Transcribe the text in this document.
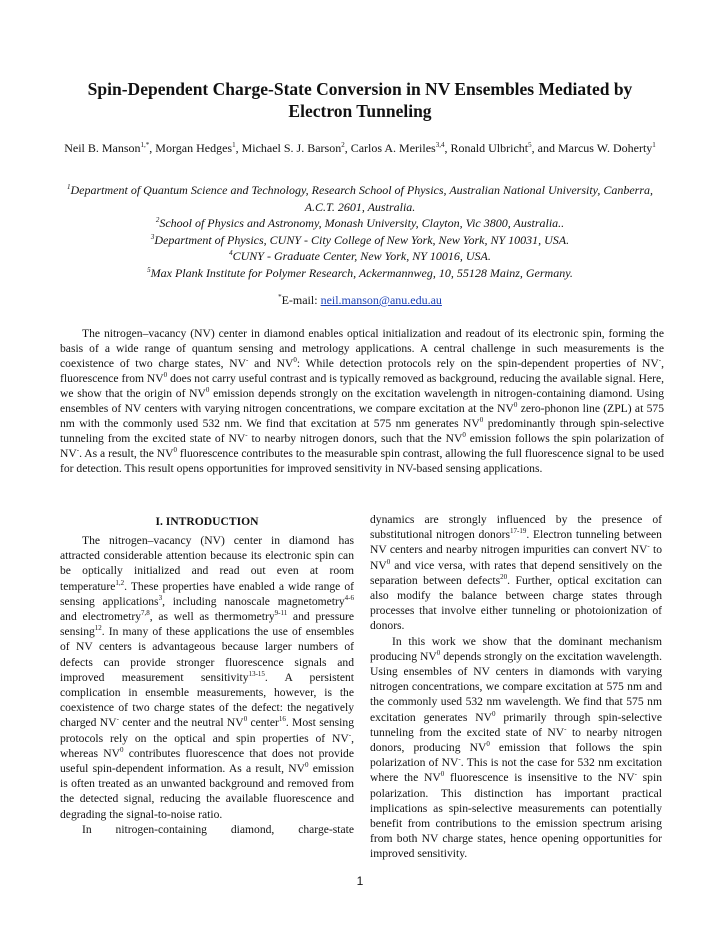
Spin-Dependent Charge-State Conversion in NV Ensembles Mediated by Electron Tunneling
Neil B. Manson$^{1,*}$, Morgan Hedges$^1$, Michael S. J. Barson$^2$, Carlos A. Meriles$^{3,4}$, Ronald Ulbricht$^5$, and Marcus W. Doherty$^1$
$^1$Department of Quantum Science and Technology, Research School of Physics, Australian National University, Canberra, A.C.T. 2601, Australia.
$^2$School of Physics and Astronomy, Monash University, Clayton, Vic 3800, Australia..
$^3$Department of Physics, CUNY - City College of New York, New York, NY 10031, USA.
$^4$CUNY - Graduate Center, New York, NY 10016, USA.
$^5$Max Plank Institute for Polymer Research, Ackermannweg, 10, 55128 Mainz, Germany.
*E-mail: neil.manson@anu.edu.au

The nitrogen–vacancy (NV) center in diamond enables optical initialization and readout of its electronic spin, forming the basis of a wide range of quantum sensing and metrology applications. A central challenge in such measurements is the coexistence of two charge states, NV- and $NV^0$: While detection protocols rely on the spin-dependent properties of NV-, fluorescence from $NV^0$ does not carry useful contrast and is typically removed as background, reducing the available signal. Here, we show that the origin of $NV^0$ emission depends strongly on the excitation wavelength in nitrogen-containing diamond. Using ensembles of NV centers with varying nitrogen concentrations, we compare excitation at the $NV^0$ zero-phonon line (ZPL) at 575 nm with the commonly used 532 nm. We find that excitation at 575 nm generates $NV^0$ predominantly through spin-selective tunneling from the excited state of NV- to nearby nitrogen donors, such that the $NV^0$ emission follows the spin polarization of NV-. As a result, the $NV^0$ fluorescence contributes to the measurable spin contrast, allowing the full fluorescence signal to be used for detection. This result opens opportunities for improved sensitivity in NV-based sensing applications.

I. INTRODUCTION

The nitrogen–vacancy (NV) center in diamond has attracted considerable attention because its electronic spin can be optically initialized and read out even at room temperature$^{1,2}$. These properties have enabled a wide range of sensing applications$^3$, including nanoscale magnetometry$^{4-6}$ and electrometry$^{7,8}$, as well as thermometry$^{9-11}$ and pressure sensing$^{12}$. In many of these applications the use of ensembles of NV centers is advantageous because larger numbers of defects can provide stronger fluorescence signals and improved measurement sensitivity$^{13-15}$. A persistent complication in ensemble measurements, however, is the coexistence of two charge states of the defect: the negatively charged NV- center and the neutral $NV^0$ center$^{16}$. Most sensing protocols rely on the optical and spin properties of NV-, whereas $NV^0$ contributes fluorescence that does not provide useful spin-dependent information. As a result, $NV^0$ emission is often treated as an unwanted background and removed from the detected signal, reducing the available fluorescence and degrading the signal-to-noise ratio.

In nitrogen-containing diamond, charge-state

dynamics are strongly influenced by the presence of substitutional nitrogen donors$^{17-19}$. Electron tunneling between NV centers and nearby nitrogen impurities can convert NV- to $NV^0$ and vice versa, with rates that depend sensitively on the separation between defects$^{20}$. Further, optical excitation can also modify the balance between charge states through processes that involve either tunneling or photoionization of donors.

In this work we show that the dominant mechanism producing $NV^0$ depends strongly on the excitation wavelength. Using ensembles of NV centers in diamonds with varying nitrogen concentrations, we compare excitation at 575 nm and the commonly used 532 nm wavelength. We find that 575 nm excitation generates $NV^0$ primarily through spin-selective tunneling from the excited state of NV- to nearby nitrogen donors, producing $NV^0$ emission that follows the spin polarization of NV-. This is not the case for 532 nm excitation where the $NV^0$ fluorescence is insensitive to the NV- spin polarization. This distinction has important practical implications as spin-selective measurements can potentially benefit from contributions to the emission spectrum arising from both NV charge states, hence opening opportunities for improved sensitivity.

1
